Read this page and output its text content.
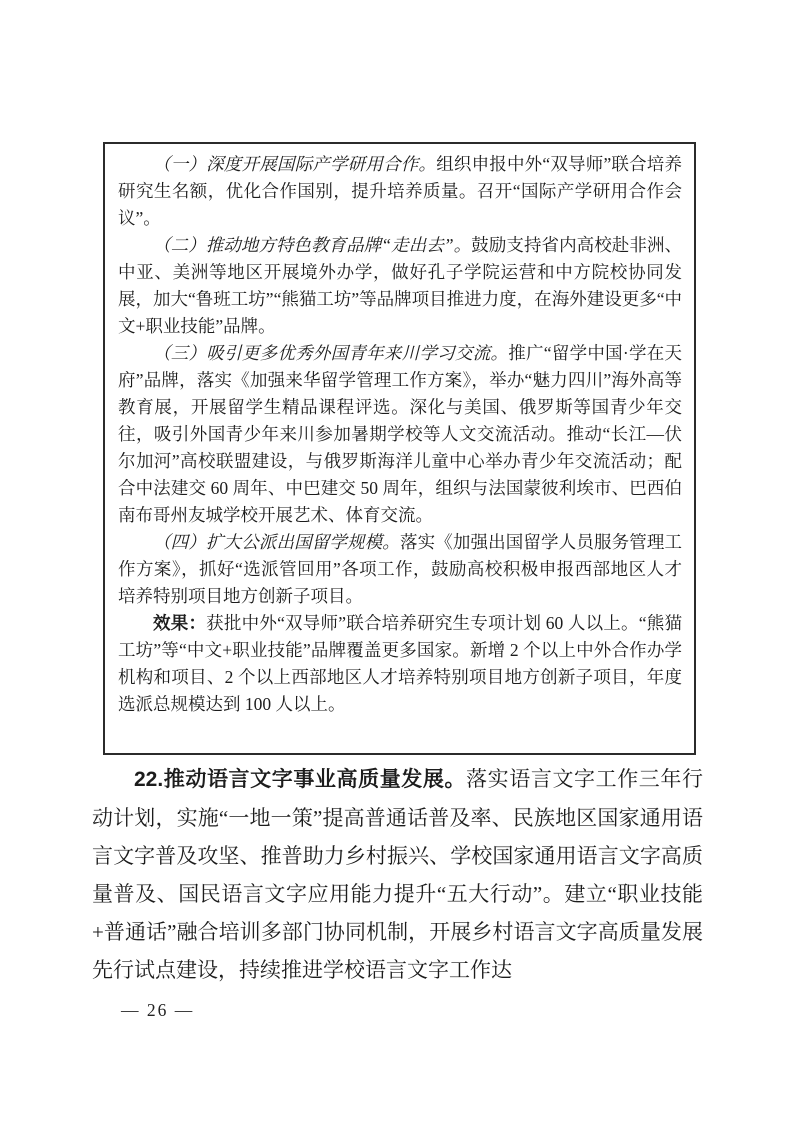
（一）深度开展国际产学研用合作。组织申报中外“双导师”联合培养研究生名额，优化合作国别，提升培养质量。召开“国际产学研用合作会议”。

（二）推动地方特色教育品牌“走出去”。鼓励支持省内高校赴非洲、中亚、美洲等地区开展境外办学，做好孔子学院运营和中方院校协同发展，加大“鲁班工坊”“熊猫工坊”等品牌项目推进力度，在海外建设更多“中文+职业技能”品牌。

（三）吸引更多优秀外国青年来川学习交流。推广“留学中国·学在天府”品牌，落实《加强来华留学管理工作方案》，举办“魅力四川”海外高等教育展，开展留学生精品课程评选。深化与美国、俄罗斯等国青少年交往，吸引外国青少年来川参加暑期学校等人文交流活动。推动“长江—伏尔加河”高校联盟建设，与俄罗斯海洋儿童中心举办青少年交流活动；配合中法建交 60 周年、中巴建交 50 周年，组织与法国蒙彼利埃市、巴西伯南布哥州友城学校开展艺术、体育交流。

（四）扩大公派出国留学规模。落实《加强出国留学人员服务管理工作方案》，抓好“选派管回用”各项工作，鼓励高校积极申报西部地区人才培养特别项目地方创新子项目。

效果：获批中外“双导师”联合培养研究生专项计划 60 人以上。“熊猫工坊”等“中文+职业技能”品牌覆盖更多国家。新增 2 个以上中外合作办学机构和项目、2 个以上西部地区人才培养特别项目地方创新子项目，年度选派总规模达到 100 人以上。

22.推动语言文字事业高质量发展。落实语言文字工作三年行动计划，实施“一地一策”提高普通话普及率、民族地区国家通用语言文字普及攻坚、推普助力乡村振兴、学校国家通用语言文字高质量普及、国民语言文字应用能力提升“五大行动”。建立“职业技能+普通话”融合培训多部门协同机制，开展乡村语言文字高质量发展先行试点建设，持续推进学校语言文字工作达

— 26 —
